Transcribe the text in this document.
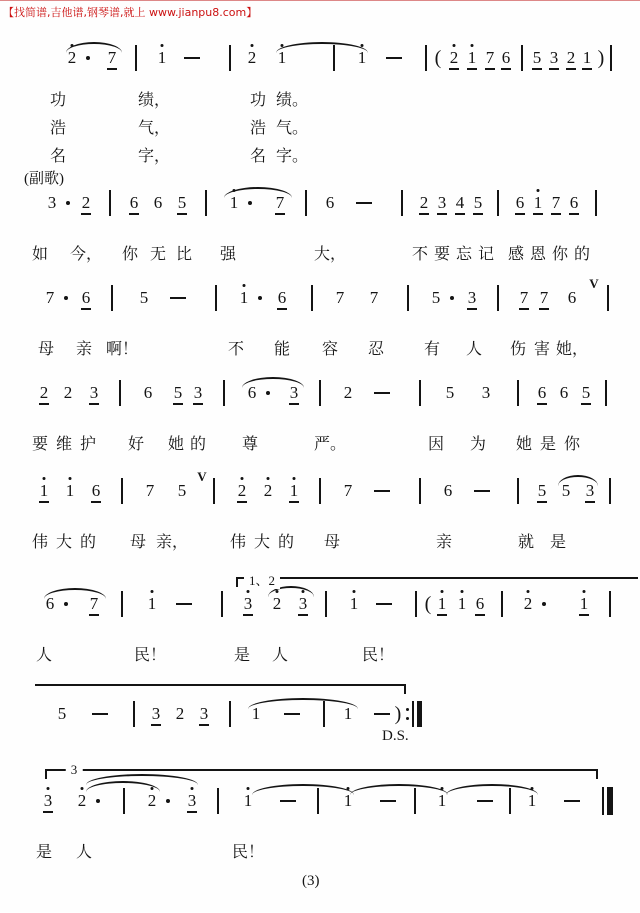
【找简谱,吉他谱,钢琴谱,就上 www.jianpu8.com】
2 7 1	2 1	1	( 2 1 7 6 5 3 2 1 )
功	绩，	功 绩。
浩	气，	浩 气。
名	字，	名 字。
3 2 6 6 5	1 7 6	2 3 4 5 6 1 7 6
如 今， 你 无 比 强	大，	不 要 忘 记 感 恩 你 的
7 6	5	1 6	7 7	5 3	7 7 6
V
母 亲 啊！	不 能 容 忍 有 人 伤 害 她，
2 2 3	6 5 3	6 3	2	5 3	6 6 5
要 维 护 好 她 的 尊	严。	因 为 她 是 你
1 1 6	7 5
V
2 2 1	7	6	5 5 3
伟 大 的 母 亲，	伟 大 的 母	亲	就 是
6 7	1	3 2 3	1	( 1 1 6 2	1
人	民！	是 人	民！
5	3 2 3	1	1 )
3 2	2 3	1	1	1	1
是 人	民！
1、2
3
(副歌)
D.S.
(3)
